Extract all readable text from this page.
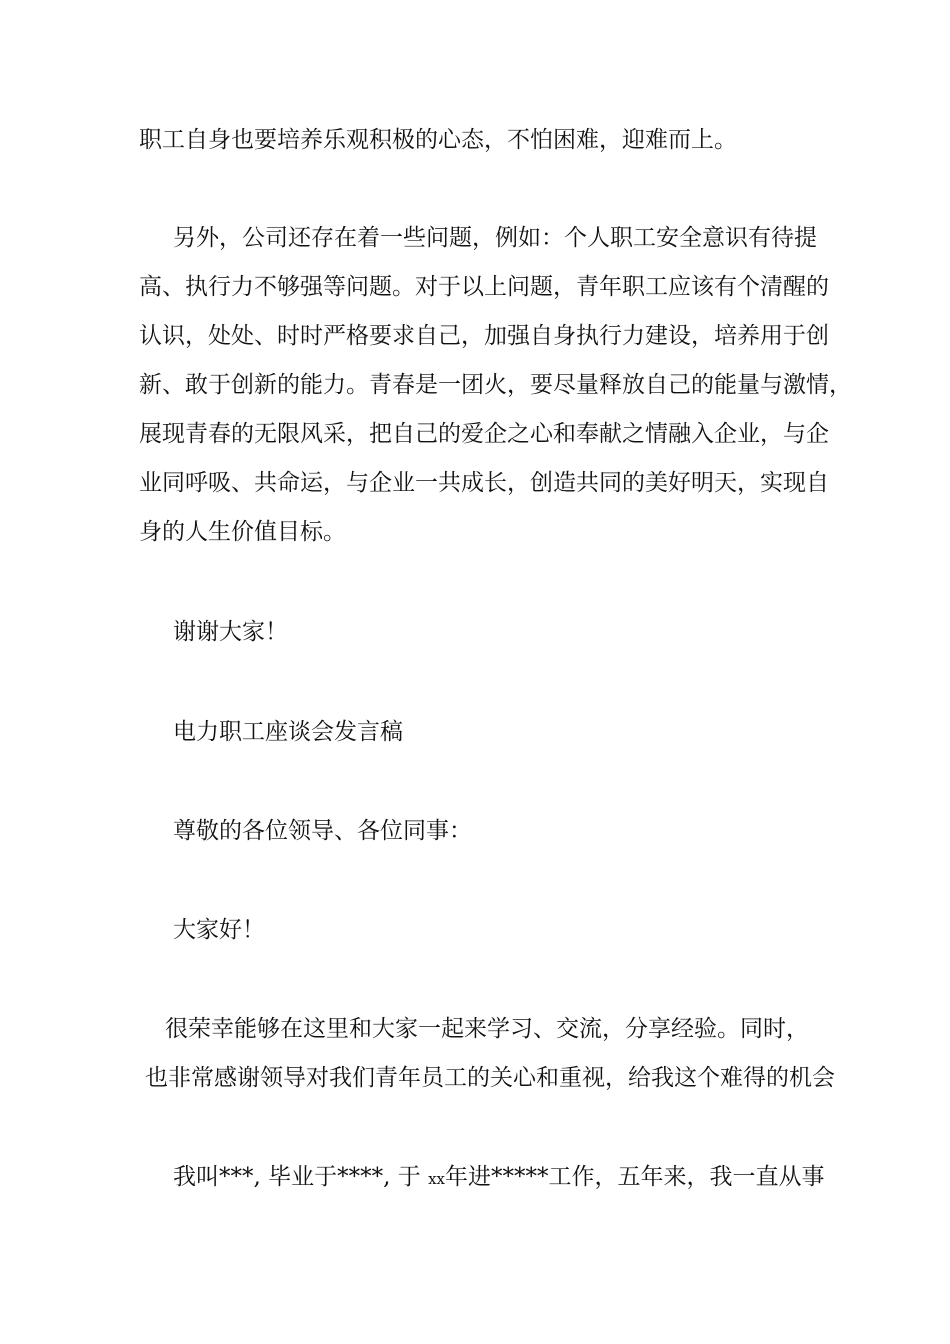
职工自身也要培养乐观积极的心态，不怕困难，迎难而上。

另外，公司还存在着一些问题，例如：个人职工安全意识有待提

高、执行力不够强等问题。对于以上问题，青年职工应该有个清醒的

认识，处处、时时严格要求自己，加强自身执行力建设，培养用于创

新、敢于创新的能力。青春是一团火，要尽量释放自己的能量与激情，

展现青春的无限风采，把自己的爱企之心和奉献之情融入企业，与企

业同呼吸、共命运，与企业一共成长，创造共同的美好明天，实现自

身的人生价值目标。

谢谢大家！

电力职工座谈会发言稿

尊敬的各位领导、各位同事：

大家好！

很荣幸能够在这里和大家一起来学习、交流，分享经验。同时，

也非常感谢领导对我们青年员工的关心和重视，给我这个难得的机会

我叫***, 毕业于****, 于 xx年进*****工作，五年来，我一直从事
